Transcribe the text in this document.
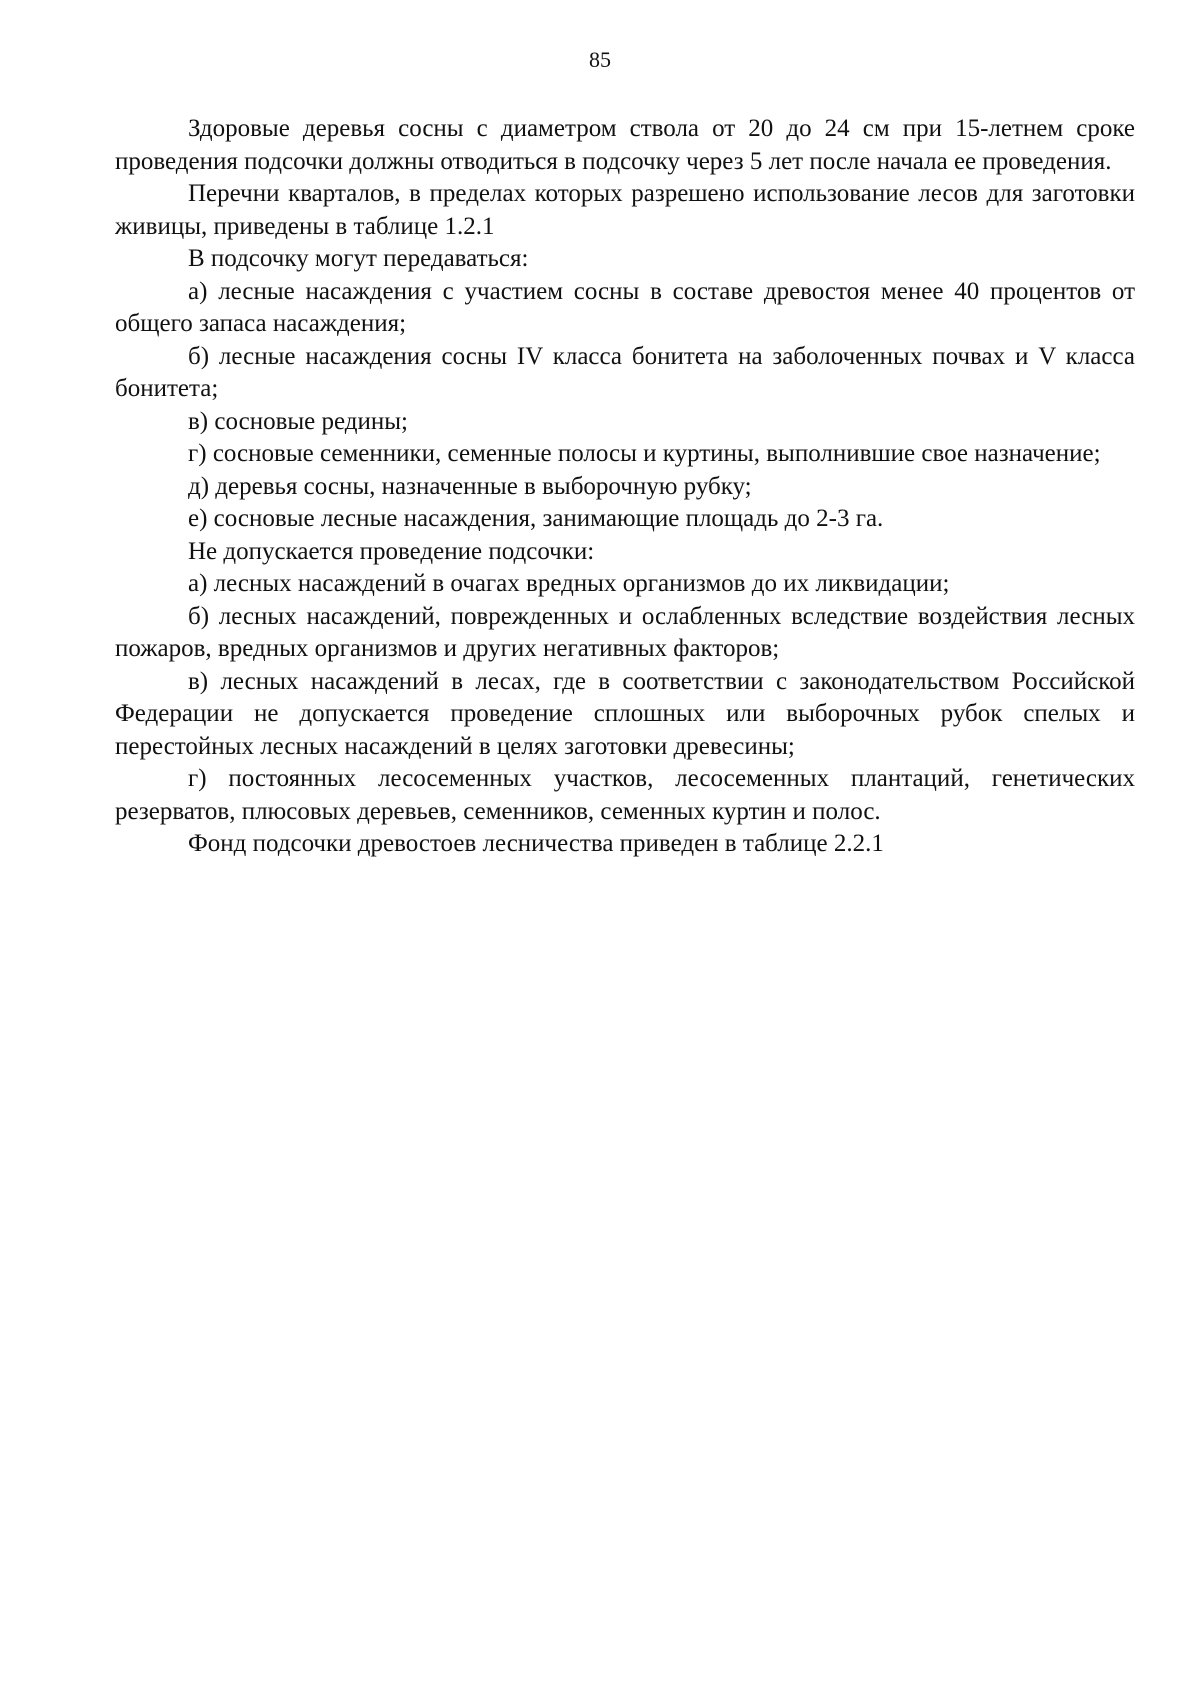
85

Здоровые деревья сосны с диаметром ствола от 20 до 24 см при 15-летнем сроке проведения подсочки должны отводиться в подсочку через 5 лет после начала ее проведения.

Перечни кварталов, в пределах которых разрешено использование лесов для заготовки живицы, приведены в таблице 1.2.1

В подсочку могут передаваться:

а) лесные насаждения с участием сосны в составе древостоя менее 40 процентов от общего запаса насаждения;

б) лесные насаждения сосны IV класса бонитета на заболоченных почвах и V класса бонитета;

в) сосновые редины;

г) сосновые семенники, семенные полосы и куртины, выполнившие свое назначение;

д) деревья сосны, назначенные в выборочную рубку;

е) сосновые лесные насаждения, занимающие площадь до 2-3 га.

Не допускается проведение подсочки:

а) лесных насаждений в очагах вредных организмов до их ликвидации;

б) лесных насаждений, поврежденных и ослабленных вследствие воздействия лесных пожаров, вредных организмов и других негативных факторов;

в) лесных насаждений в лесах, где в соответствии с законодательством Российской Федерации не допускается проведение сплошных или выборочных рубок спелых и перестойных лесных насаждений в целях заготовки древесины;

г) постоянных лесосеменных участков, лесосеменных плантаций, генетических резерватов, плюсовых деревьев, семенников, семенных куртин и полос.

Фонд подсочки древостоев лесничества приведен в таблице 2.2.1
